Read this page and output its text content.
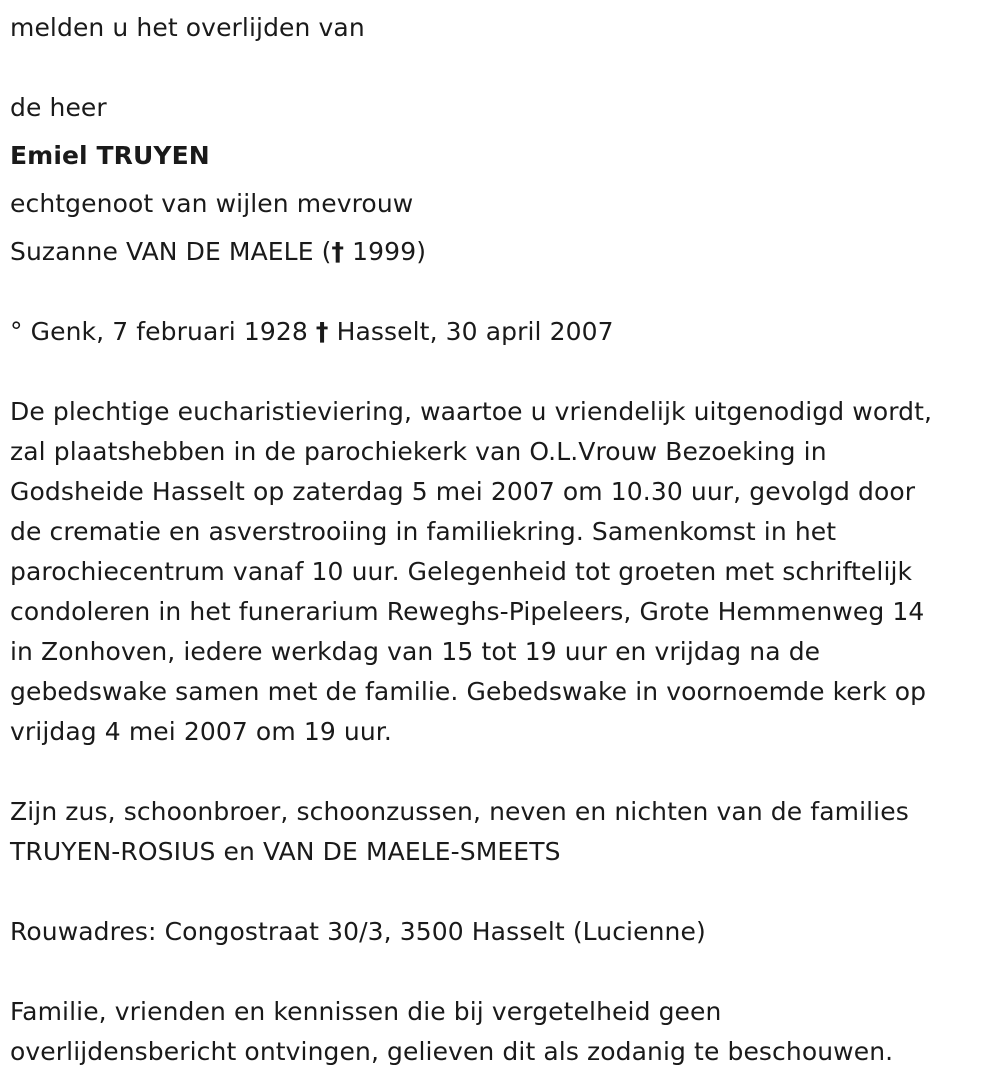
melden u het overlijden van
de heer
Emiel TRUYEN
echtgenoot van wijlen mevrouw
Suzanne VAN DE MAELE († 1999)
° Genk, 7 februari 1928 † Hasselt, 30 april 2007
De plechtige eucharistieviering, waartoe u vriendelijk uitgenodigd wordt,
zal plaatshebben in de parochiekerk van O.L.Vrouw Bezoeking in
Godsheide Hasselt op zaterdag 5 mei 2007 om 10.30 uur, gevolgd door
de crematie en asverstrooiing in familiekring. Samenkomst in het
parochiecentrum vanaf 10 uur. Gelegenheid tot groeten met schriftelijk
condoleren in het funerarium Reweghs-Pipeleers, Grote Hemmenweg 14
in Zonhoven, iedere werkdag van 15 tot 19 uur en vrijdag na de
gebedswake samen met de familie. Gebedswake in voornoemde kerk op
vrijdag 4 mei 2007 om 19 uur.
Zijn zus, schoonbroer, schoonzussen, neven en nichten van de families
TRUYEN-ROSIUS en VAN DE MAELE-SMEETS
Rouwadres: Congostraat 30/3, 3500 Hasselt (Lucienne)
Familie, vrienden en kennissen die bij vergetelheid geen
overlijdensbericht ontvingen, gelieven dit als zodanig te beschouwen.
